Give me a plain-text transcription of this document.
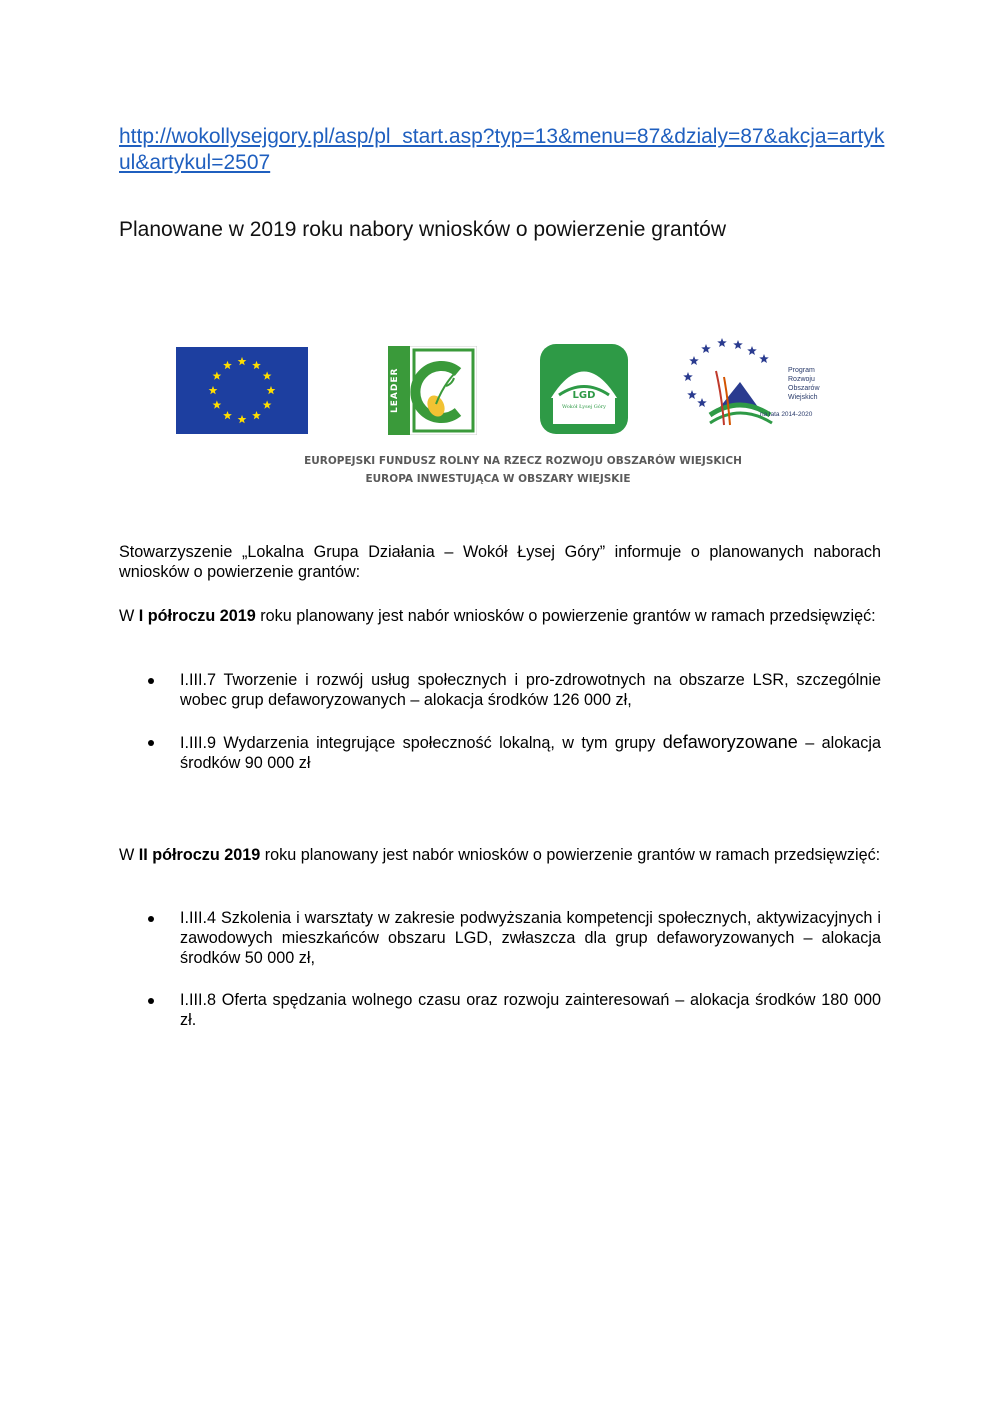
http://wokollysejgory.pl/asp/pl_start.asp?typ=13&menu=87&dzialy=87&akcja=artykul&artykul=2507
Planowane w 2019 roku nabory wniosków o powierzenie grantów
LEADER	LGD
Wokół Łysej Góry
Program
Rozwoju
Obszarów
Wiejskich
na lata 2014-2020
EUROPEJSKI FUNDUSZ ROLNY NA RZECZ ROZWOJU OBSZARÓW WIEJSKICH
EUROPA INWESTUJĄCA W OBSZARY WIEJSKIE
Stowarzyszenie „Lokalna Grupa Działania – Wokół Łysej Góry” informuje o planowanych naborach wniosków o powierzenie grantów:
W I półroczu 2019 roku planowany jest nabór wniosków o powierzenie grantów w ramach przedsięwzięć:
I.III.7 Tworzenie i rozwój usług społecznych i pro-zdrowotnych na obszarze LSR, szczególnie wobec grup defaworyzowanych – alokacja środków 126 000 zł,
I.III.9 Wydarzenia integrujące społeczność lokalną, w tym grupy defaworyzowane – alokacja środków 90 000 zł
W II półroczu 2019 roku planowany jest nabór wniosków o powierzenie grantów w ramach przedsięwzięć:
I.III.4 Szkolenia i warsztaty w zakresie podwyższania kompetencji społecznych, aktywizacyjnych i zawodowych mieszkańców obszaru LGD, zwłaszcza dla grup defaworyzowanych – alokacja środków 50 000 zł,
I.III.8 Oferta spędzania wolnego czasu oraz rozwoju zainteresowań – alokacja środków 180 000 zł.
